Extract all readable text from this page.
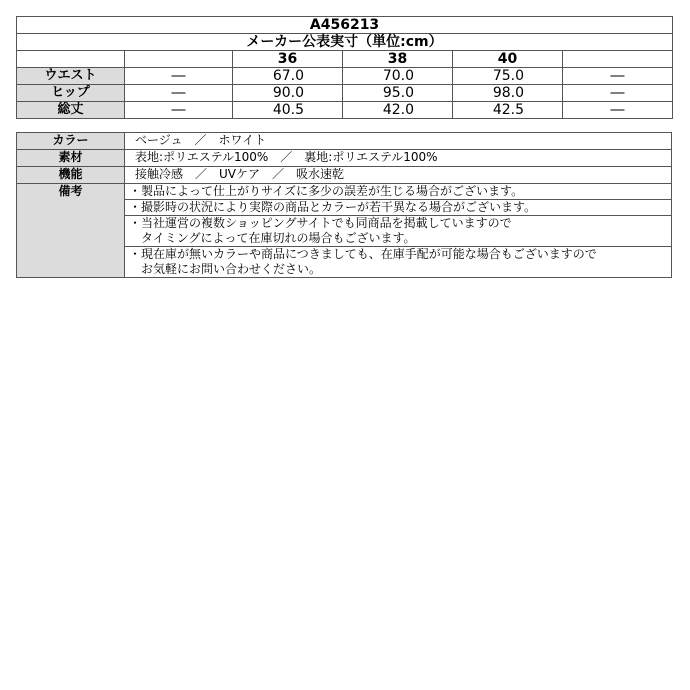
A456213					
メーカー公表実寸（単位:cm）					
		36	38	40	
ウエスト	―	67.0	70.0	75.0	―
ヒップ	―	90.0	95.0	98.0	―
総丈	―	40.5	42.0	42.5	―
カラー	ベージュ　／　ホワイト
素材	表地:ポリエステル100%　／　裏地:ポリエステル100%
機能	接触冷感　／　UVケア　／　吸水速乾
備考	・製品によって仕上がりサイズに多少の誤差が生じる場合がございます。

	・撮影時の状況により実際の商品とカラーが若干異なる場合がございます。

	・当社運営の複数ショッピングサイトでも同商品を掲載していますので
　タイミングによって在庫切れの場合もございます。

	・現在庫が無いカラーや商品につきましても、在庫手配が可能な場合もございますので
　お気軽にお問い合わせください。
